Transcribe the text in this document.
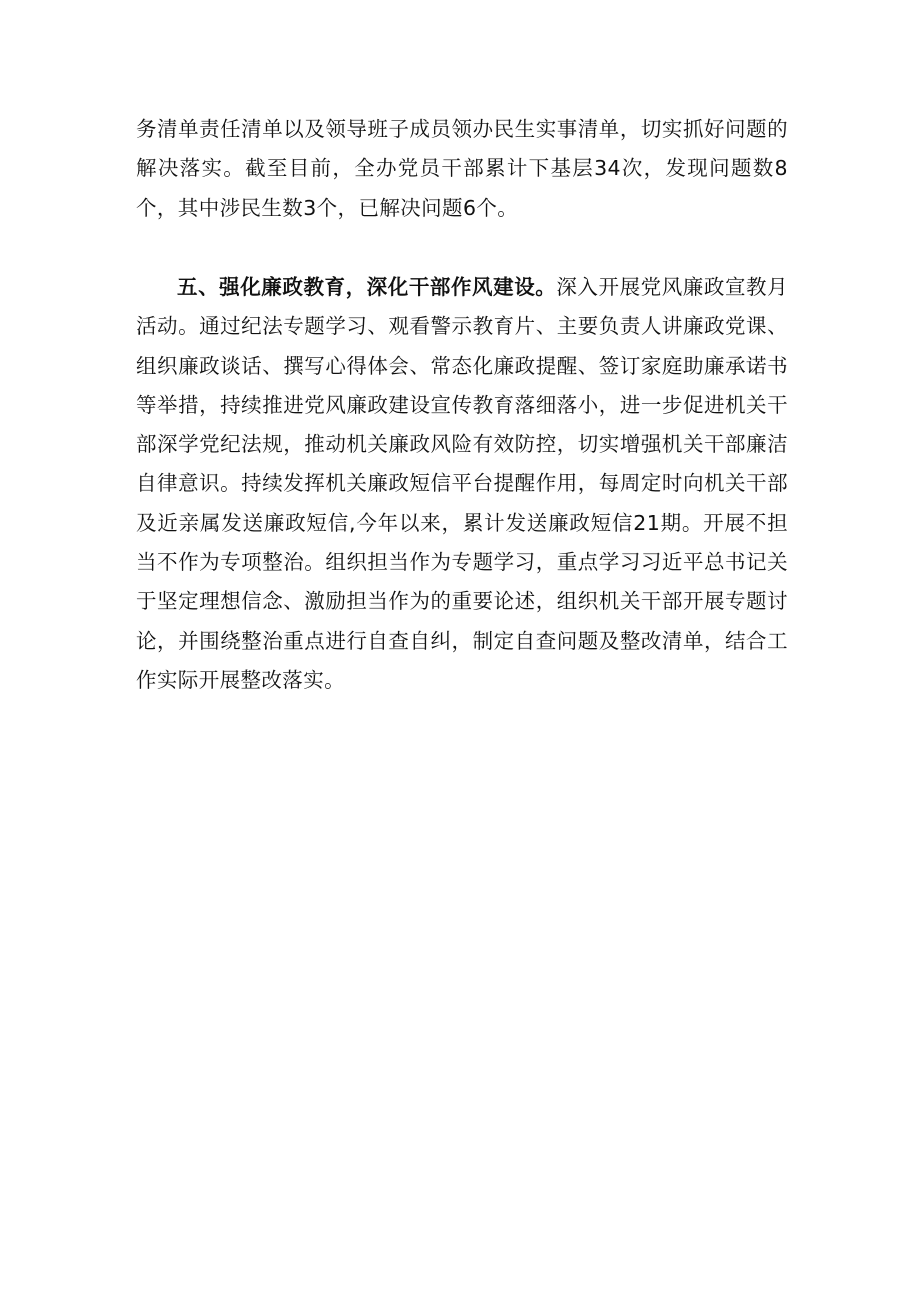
务清单责任清单以及领导班子成员领办民生实事清单，切实抓好问题的解决落实。截至目前，全办党员干部累计下基层34次，发现问题数8个，其中涉民生数3个，已解决问题6个。

五、强化廉政教育，深化干部作风建设。深入开展党风廉政宣教月活动。通过纪法专题学习、观看警示教育片、主要负责人讲廉政党课、组织廉政谈话、撰写心得体会、常态化廉政提醒、签订家庭助廉承诺书等举措，持续推进党风廉政建设宣传教育落细落小，进一步促进机关干部深学党纪法规，推动机关廉政风险有效防控，切实增强机关干部廉洁自律意识。持续发挥机关廉政短信平台提醒作用，每周定时向机关干部及近亲属发送廉政短信,今年以来，累计发送廉政短信21期。开展不担当不作为专项整治。组织担当作为专题学习，重点学习习近平总书记关于坚定理想信念、激励担当作为的重要论述，组织机关干部开展专题讨论，并围绕整治重点进行自查自纠，制定自查问题及整改清单，结合工作实际开展整改落实。
